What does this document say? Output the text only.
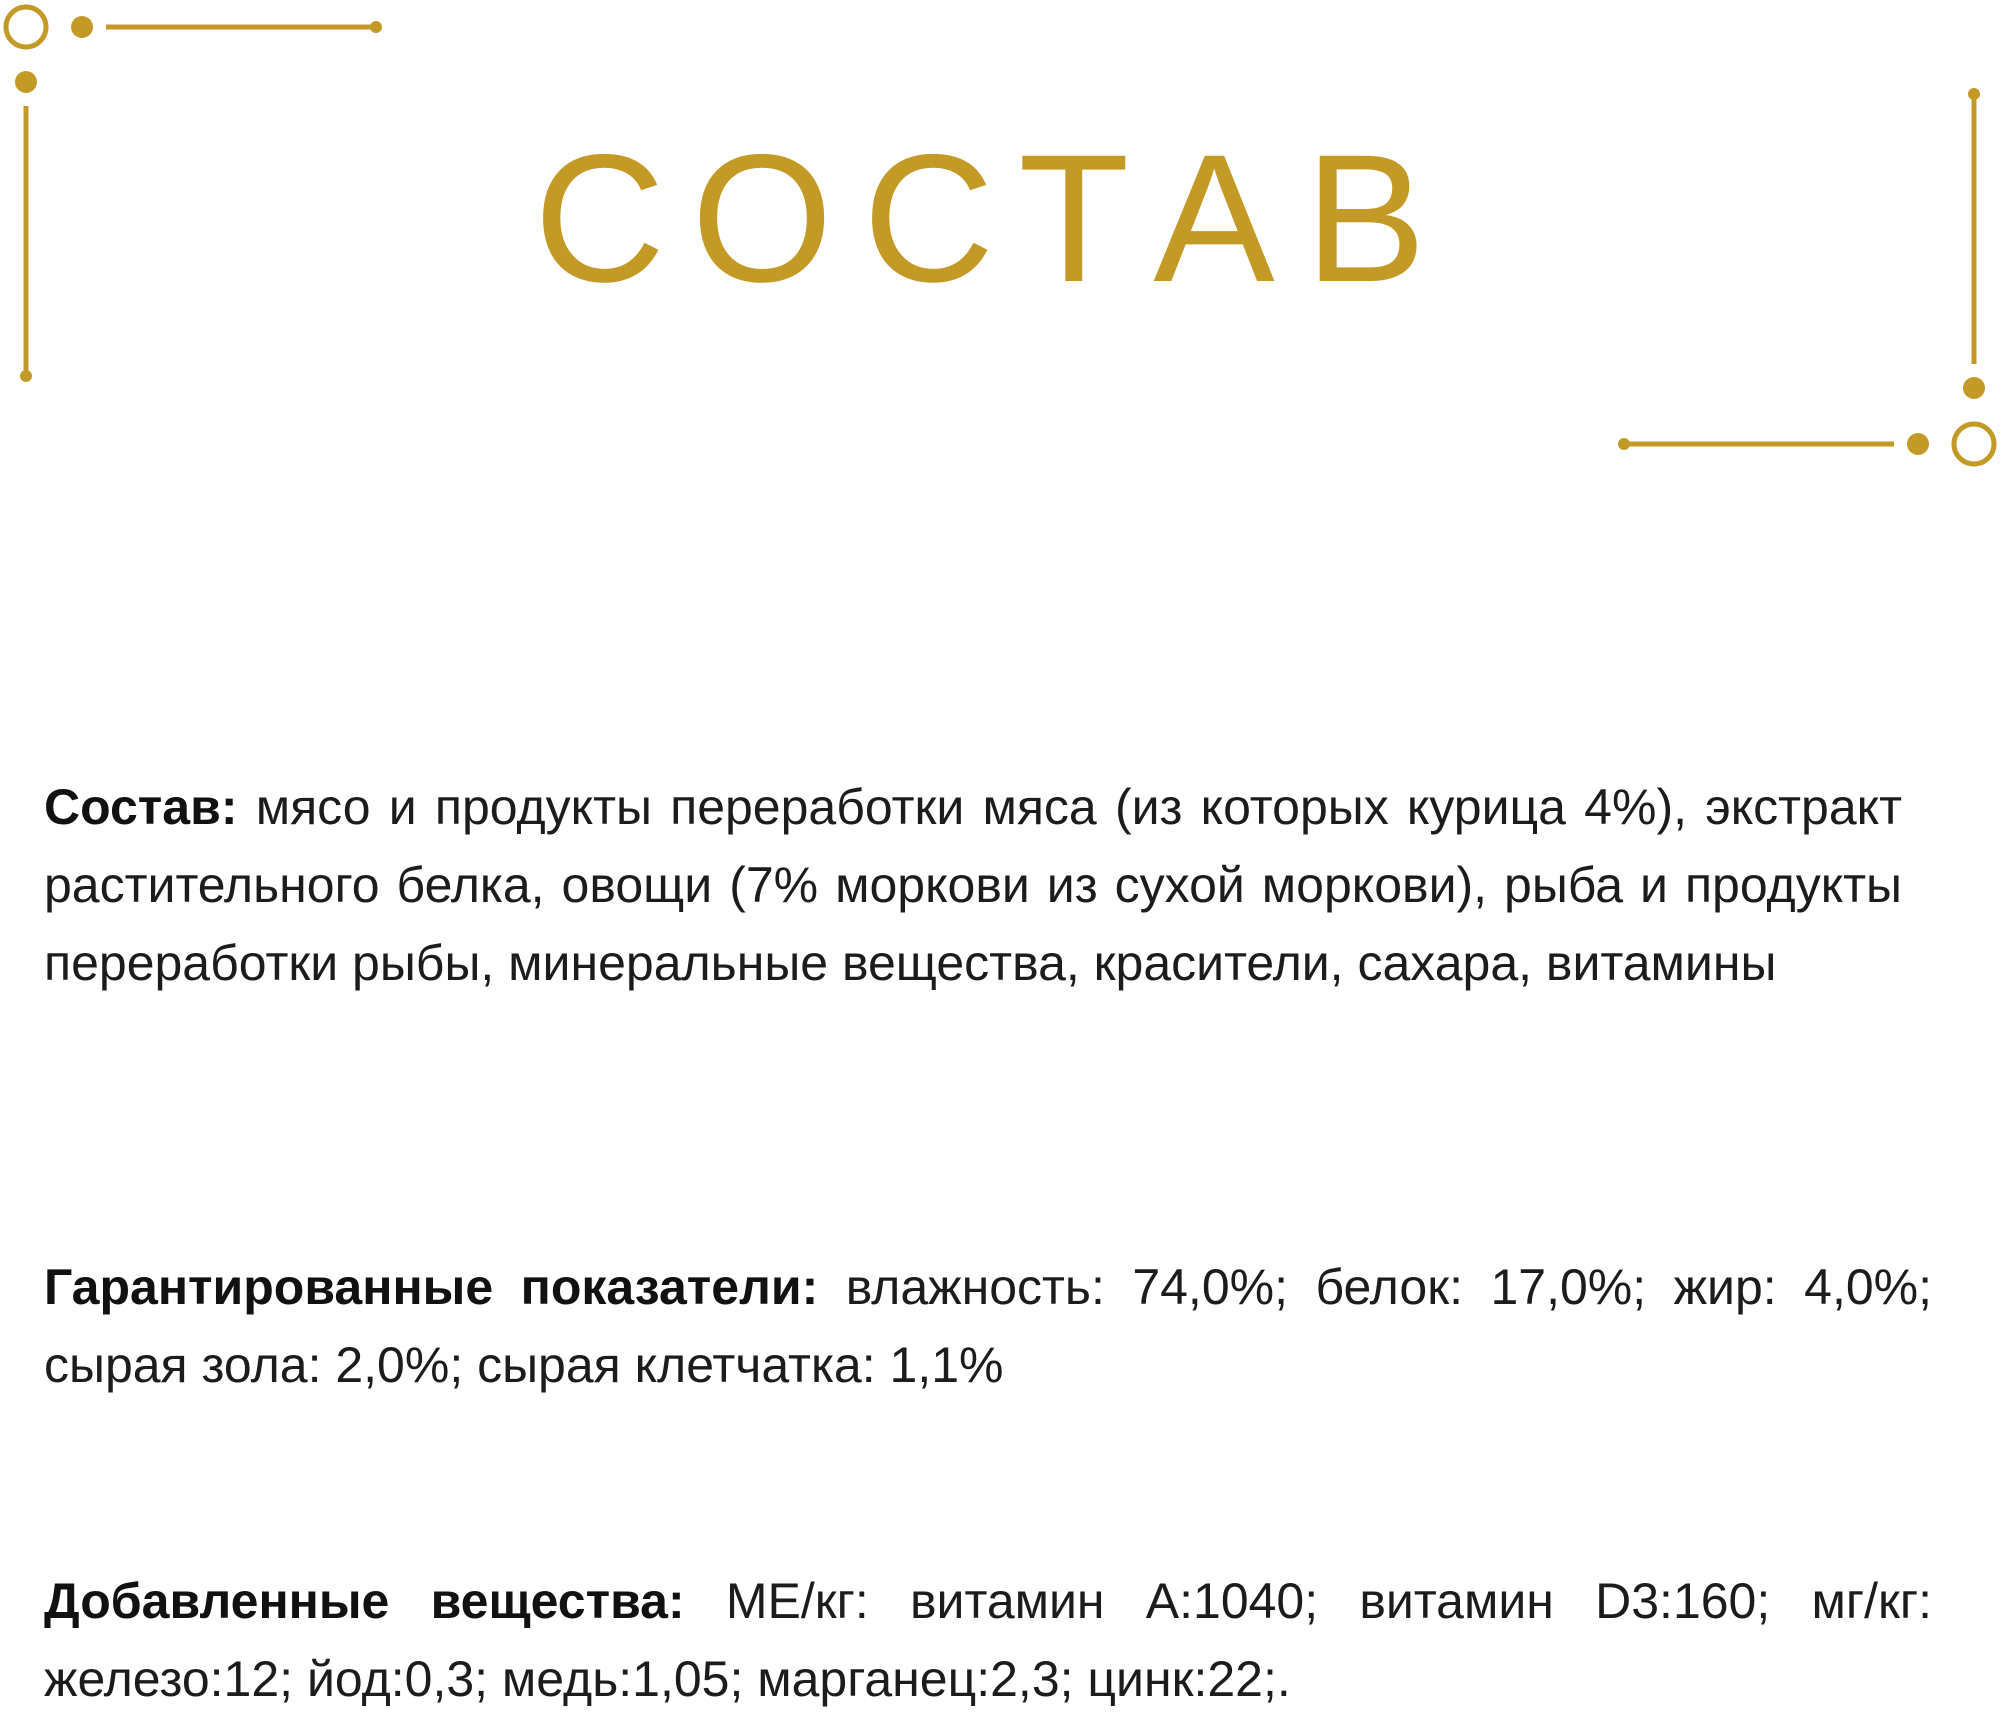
СОСТАВ

Состав: мясо и продукты переработки мяса (из которых курица 4%), экстракт растительного белка, овощи (7% моркови из сухой моркови), рыба и продукты переработки рыбы, минеральные вещества, красители, сахара, витамины

Гарантированные показатели: влажность: 74,0%; белок: 17,0%; жир: 4,0%; сырая зола: 2,0%; сырая клетчатка: 1,1%

Добавленные вещества: МЕ/кг: витамин А:1040; витамин D3:160; мг/кг: железо:12; йод:0,3; медь:1,05; марганец:2,3; цинк:22;.
